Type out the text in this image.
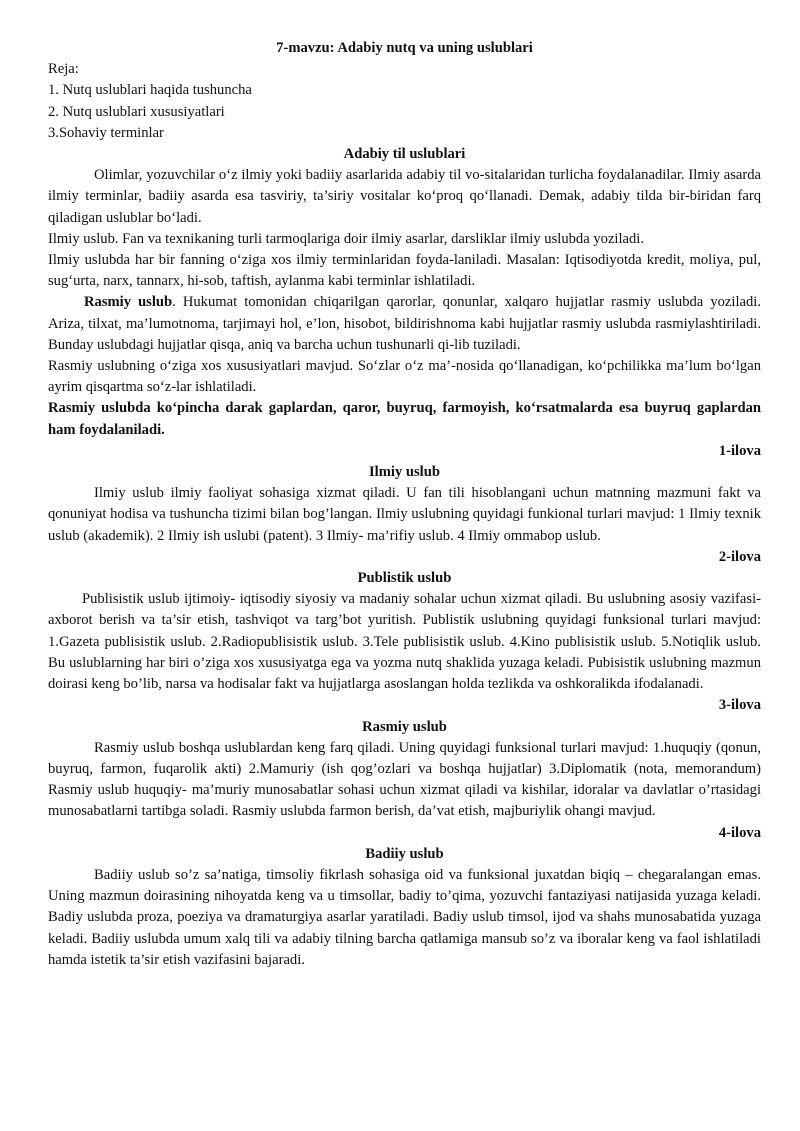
7-mavzu: Adabiy nutq va uning uslublari

Reja:

1. Nutq uslublari haqida tushuncha

2. Nutq uslublari xususiyatlari

3.Sohaviy terminlar

Adabiy til uslublari

Olimlar, yozuvchilar o‘z ilmiy yoki badiiy asarlarida adabiy til vo-sitalaridan turlicha foydalanadilar. Ilmiy asarda ilmiy terminlar, badiiy asarda esa tasviriy, ta’siriy vositalar ko‘proq qo‘llanadi. Demak, adabiy tilda bir-biridan farq qiladigan uslublar bo‘ladi.

Ilmiy uslub. Fan va texnikaning turli tarmoqlariga doir ilmiy asarlar, darsliklar ilmiy uslubda yoziladi.

Ilmiy uslubda har bir fanning o‘ziga xos ilmiy terminlaridan foyda-laniladi. Masalan: Iqtisodiyotda kredit, moliya, pul, sug‘urta, narx, tannarx, hi-sob, taftish, aylanma kabi terminlar ishlatiladi.

Rasmiy uslub. Hukumat tomonidan chiqarilgan qarorlar, qonunlar, xalqaro hujjatlar rasmiy uslubda yoziladi. Ariza, tilxat, ma’lumotnoma, tarjimayi hol, e’lon, hisobot, bildirishnoma kabi hujjatlar rasmiy uslubda rasmiylashtiriladi. Bunday uslubdagi hujjatlar qisqa, aniq va barcha uchun tushunarli qi-lib tuziladi.

Rasmiy uslubning o‘ziga xos xususiyatlari mavjud. So‘zlar o‘z ma’-nosida qo‘llanadigan, ko‘pchilikka ma’lum bo‘lgan ayrim qisqartma so‘z-lar ishlatiladi.

Rasmiy uslubda ko‘pincha darak gaplardan, qaror, buyruq, farmoyish, ko‘rsatmalarda esa buyruq gaplardan ham foydalaniladi.

1-ilova

Ilmiy uslub

Ilmiy uslub ilmiy faoliyat sohasiga xizmat qiladi. U fan tili hisoblangani uchun matnning mazmuni fakt va qonuniyat hodisa va tushuncha tizimi bilan bog’langan. Ilmiy uslubning quyidagi funkional turlari mavjud: 1 Ilmiy texnik uslub (akademik). 2 Ilmiy ish uslubi (patent). 3 Ilmiy- ma’rifiy uslub. 4 Ilmiy ommabop uslub.

2-ilova

Publistik uslub

Publisistik uslub ijtimoiy- iqtisodiy siyosiy va madaniy sohalar uchun xizmat qiladi. Bu uslubning asosiy vazifasi- axborot berish va ta’sir etish, tashviqot va targ’bot yuritish. Publistik uslubning quyidagi funksional turlari mavjud: 1.Gazeta publisistik uslub. 2.Radiopublisistik uslub. 3.Tele publisistik uslub. 4.Kino publisistik uslub. 5.Notiqlik uslub. Bu uslublarning har biri o’ziga xos xususiyatga ega va yozma nutq shaklida yuzaga keladi. Pubisistik uslubning mazmun doirasi keng bo’lib, narsa va hodisalar fakt va hujjatlarga asoslangan holda tezlikda va oshkoralikda ifodalanadi.

3-ilova

Rasmiy uslub

Rasmiy uslub boshqa uslublardan keng farq qiladi. Uning quyidagi funksional turlari mavjud: 1.huquqiy (qonun, buyruq, farmon, fuqarolik akti) 2.Mamuriy (ish qog’ozlari va boshqa hujjatlar) 3.Diplomatik (nota, memorandum) Rasmiy uslub huquqiy- ma’muriy munosabatlar sohasi uchun xizmat qiladi va kishilar, idoralar va davlatlar o’rtasidagi munosabatlarni tartibga soladi. Rasmiy uslubda farmon berish, da’vat etish, majburiylik ohangi mavjud.

4-ilova

Badiiy uslub

Badiiy uslub so’z sa’natiga, timsoliy fikrlash sohasiga oid va funksional juxatdan biqiq – chegaralangan emas. Uning mazmun doirasining nihoyatda keng va u timsollar, badiy to’qima, yozuvchi fantaziyasi natijasida yuzaga keladi. Badiy uslubda proza, poeziya va dramaturgiya asarlar yaratiladi. Badiy uslub timsol, ijod va shahs munosabatida yuzaga keladi. Badiiy uslubda umum xalq tili va adabiy tilning barcha qatlamiga mansub so’z va iboralar keng va faol ishlatiladi hamda istetik ta’sir etish vazifasini bajaradi.
